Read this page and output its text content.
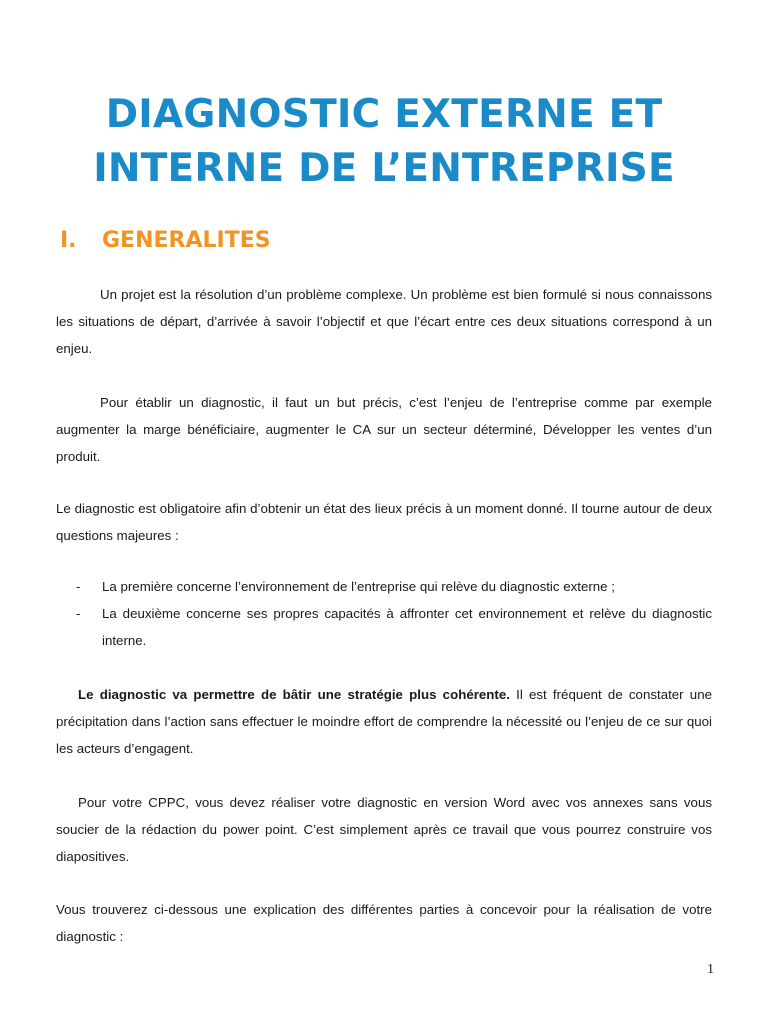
DIAGNOSTIC EXTERNE ET
INTERNE DE L’ENTREPRISE
I. GENERALITES

Un projet est la résolution d’un problème complexe. Un problème est bien formulé si nous connaissons les situations de départ, d’arrivée à savoir l’objectif et que l’écart entre ces deux situations correspond à un enjeu.

Pour établir un diagnostic, il faut un but précis, c’est l’enjeu de l’entreprise comme par exemple augmenter la marge bénéficiaire, augmenter le CA sur un secteur déterminé, Développer les ventes d’un produit.

Le diagnostic est obligatoire afin d’obtenir un état des lieux précis à un moment donné. Il tourne autour de deux questions majeures :

- La première concerne l’environnement de l’entreprise qui relève du diagnostic externe ;
- La deuxième concerne ses propres capacités à affronter cet environnement et relève du diagnostic interne.

Le diagnostic va permettre de bâtir une stratégie plus cohérente. Il est fréquent de constater une précipitation dans l’action sans effectuer le moindre effort de comprendre la nécessité ou l’enjeu de ce sur quoi les acteurs d’engagent.

Pour votre CPPC, vous devez réaliser votre diagnostic en version Word avec vos annexes sans vous soucier de la rédaction du power point. C’est simplement après ce travail que vous pourrez construire vos diapositives.

Vous trouverez ci-dessous une explication des différentes parties à concevoir pour la réalisation de votre diagnostic :

1
